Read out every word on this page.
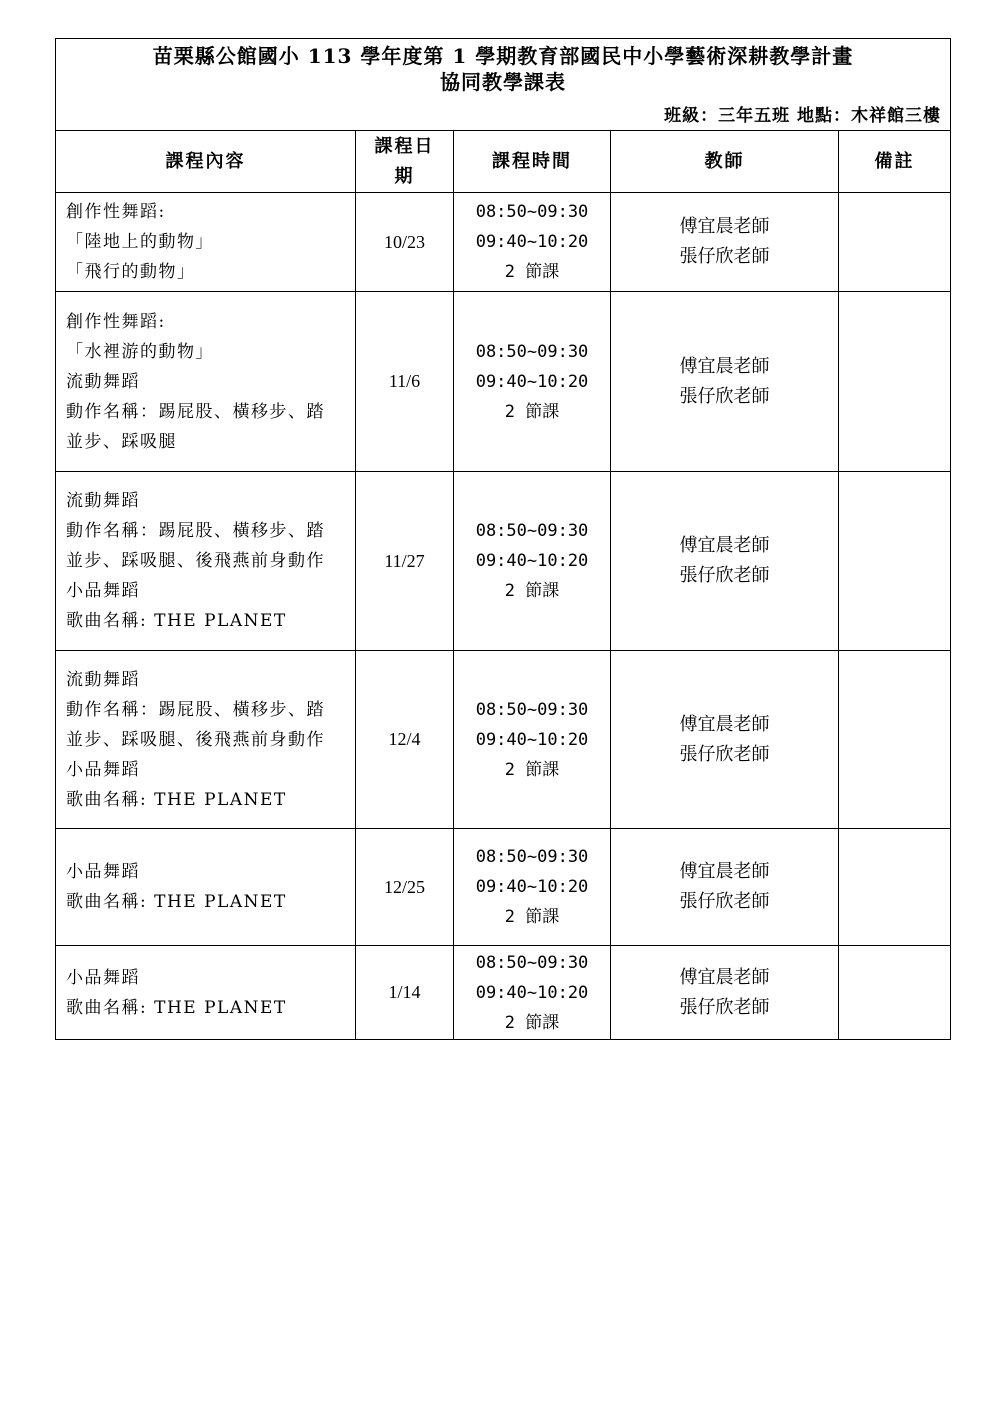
苗栗縣公館國小 113 學年度第 1 學期教育部國民中小學藝術深耕教學計畫
協同教學課表
班級：三年五班 地點：木祥館三樓				

課程內容	課程日
期	課程時間	教師	備註

創作性舞蹈:
「陸地上的動物」
「飛行的動物」	10/23	08:50~09:30
09:40~10:20
2 節課	傅宜晨老師
張仔欣老師	

創作性舞蹈:
「水裡游的動物」
流動舞蹈
動作名稱：踢屁股、橫移步、踏
並步、踩吸腿	11/6	08:50~09:30
09:40~10:20
2 節課	傅宜晨老師
張仔欣老師	

流動舞蹈
動作名稱：踢屁股、橫移步、踏
並步、踩吸腿、後飛燕前身動作
小品舞蹈
歌曲名稱: THE PLANET	11/27	08:50~09:30
09:40~10:20
2 節課	傅宜晨老師
張仔欣老師	

流動舞蹈
動作名稱：踢屁股、橫移步、踏
並步、踩吸腿、後飛燕前身動作
小品舞蹈
歌曲名稱: THE PLANET	12/4	08:50~09:30
09:40~10:20
2 節課	傅宜晨老師
張仔欣老師	

小品舞蹈
歌曲名稱: THE PLANET	12/25	08:50~09:30
09:40~10:20
2 節課	傅宜晨老師
張仔欣老師	

小品舞蹈
歌曲名稱: THE PLANET	1/14	08:50~09:30
09:40~10:20
2 節課	傅宜晨老師
張仔欣老師	
